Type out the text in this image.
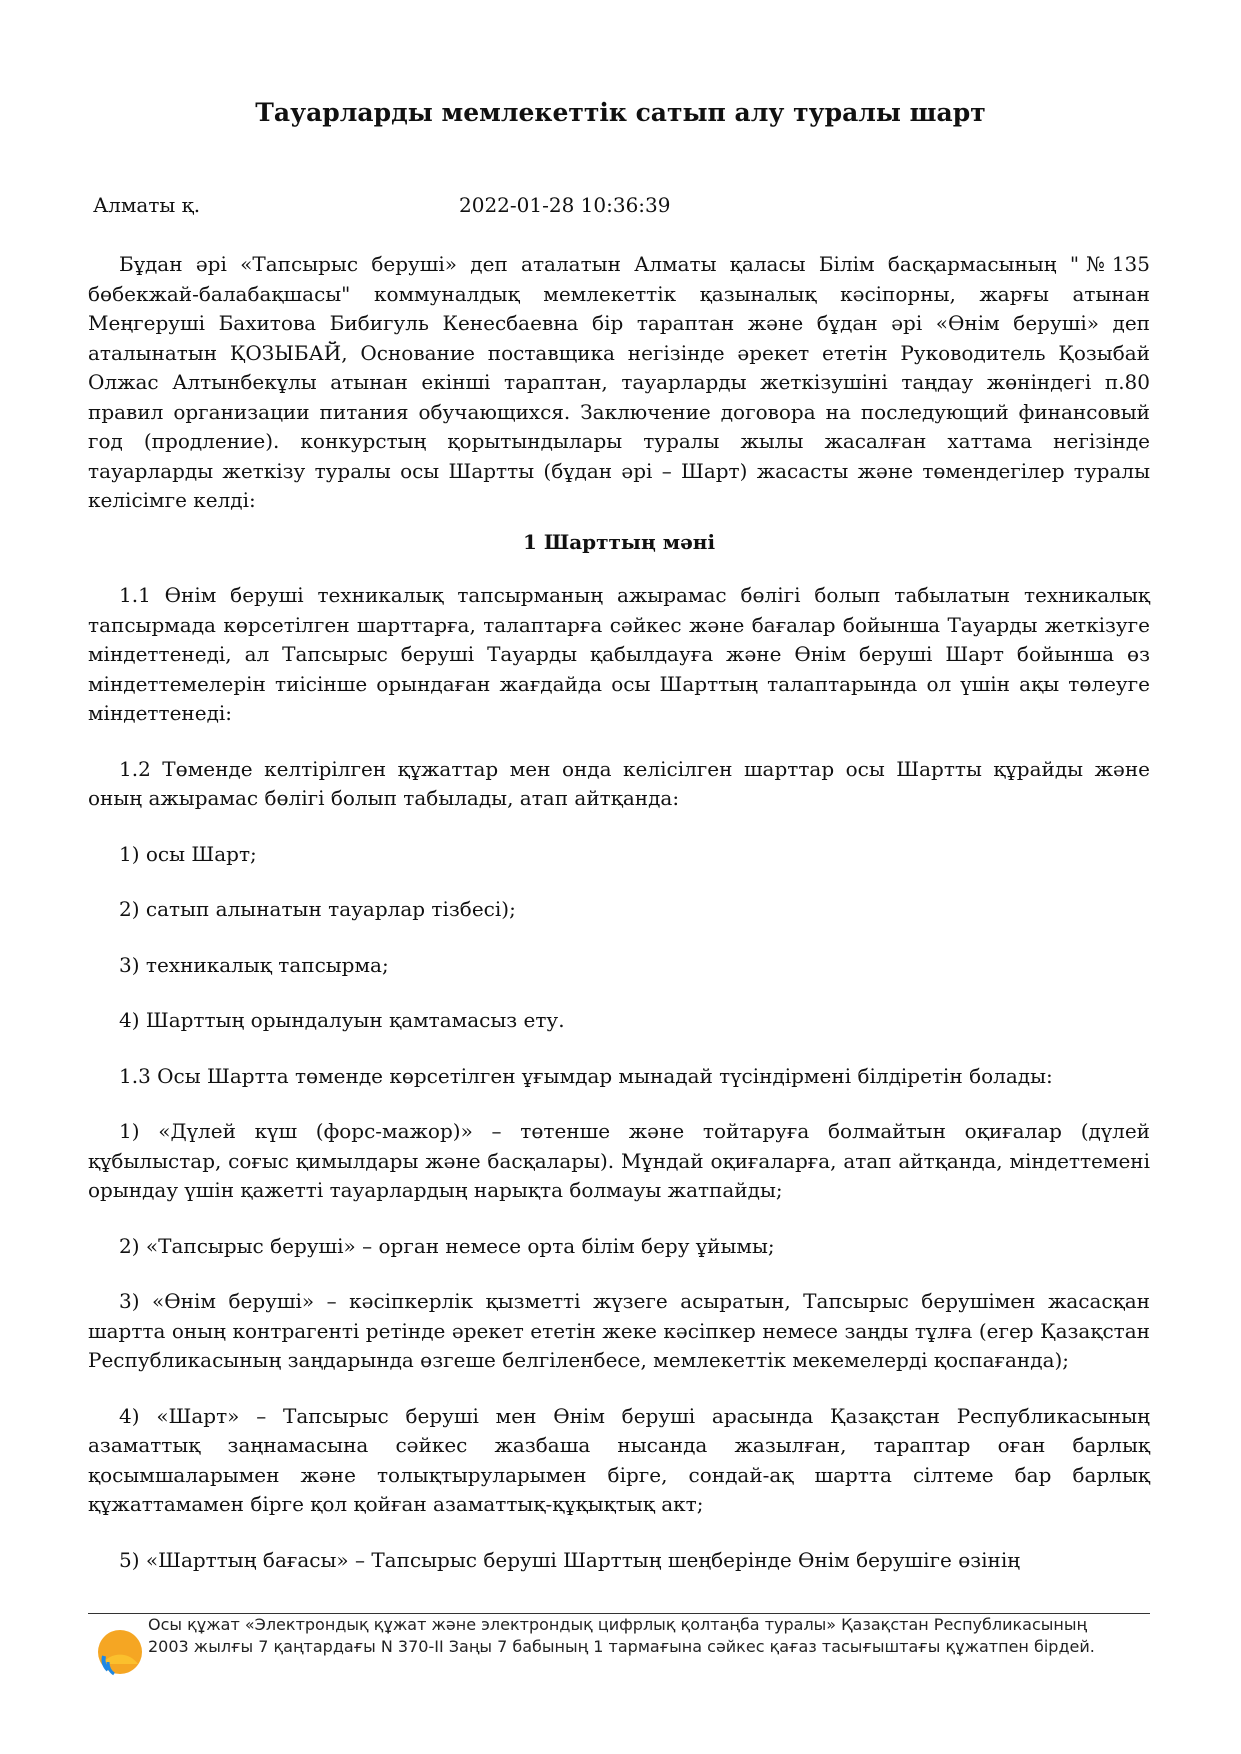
Тауарларды мемлекеттік сатып алу туралы шарт
Алматы қ.	2022-01-28 10:36:39

Бұдан әрі «Тапсырыс беруші» деп аталатын Алматы қаласы Білім басқармасының "№135 бөбекжай-балабақшасы" коммуналдық мемлекеттік қазыналық кәсіпорны, жарғы атынан Меңгеруші Бахитова Бибигуль Кенесбаевна бір тараптан және бұдан әрі «Өнім беруші» деп аталынатын ҚОЗЫБАЙ, Основание поставщика негізінде әрекет ететін Руководитель Қозыбай Олжас Алтынбекұлы атынан екінші тараптан, тауарларды жеткізушіні таңдау жөніндегі п.80 правил организации питания обучающихся. Заключение договора на последующий финансовый год (продление). конкурстың қорытындылары туралы жылы жасалған хаттама негізінде тауарларды жеткізу туралы осы Шартты (бұдан әрі – Шарт) жасасты және төмендегілер туралы келісімге келді:

1 Шарттың мәні

1.1 Өнім беруші техникалық тапсырманың ажырамас бөлігі болып табылатын техникалық тапсырмада көрсетілген шарттарға, талаптарға сәйкес және бағалар бойынша Тауарды жеткізуге міндеттенеді, ал Тапсырыс беруші Тауарды қабылдауға және Өнім беруші Шарт бойынша өз міндеттемелерін тиісінше орындаған жағдайда осы Шарттың талаптарында ол үшін ақы төлеуге міндеттенеді:

1.2 Төменде келтірілген құжаттар мен онда келісілген шарттар осы Шартты құрайды және оның ажырамас бөлігі болып табылады, атап айтқанда:

1) осы Шарт;

2) сатып алынатын тауарлар тізбесі);

3) техникалық тапсырма;

4) Шарттың орындалуын қамтамасыз ету.

1.3 Осы Шартта төменде көрсетілген ұғымдар мынадай түсіндірмені білдіретін болады:

1) «Дүлей күш (форс-мажор)» – төтенше және тойтаруға болмайтын оқиғалар (дүлей құбылыстар, соғыс қимылдары және басқалары). Мұндай оқиғаларға, атап айтқанда, міндеттемені орындау үшін қажетті тауарлардың нарықта болмауы жатпайды;

2) «Тапсырыс беруші» – орган немесе орта білім беру ұйымы;

3) «Өнім беруші» – кәсіпкерлік қызметті жүзеге асыратын, Тапсырыс берушімен жасасқан шартта оның контрагенті ретінде әрекет ететін жеке кәсіпкер немесе заңды тұлға (егер Қазақстан Республикасының заңдарында өзгеше белгіленбесе, мемлекеттік мекемелерді қоспағанда);

4) «Шарт» – Тапсырыс беруші мен Өнім беруші арасында Қазақстан Республикасының азаматтық заңнамасына сәйкес жазбаша нысанда жазылған, тараптар оған барлық қосымшаларымен және толықтыруларымен бірге, сондай-ақ шартта сілтеме бар барлық құжаттамамен бірге қол қойған азаматтық-құқықтық акт;

5) «Шарттың бағасы» – Тапсырыс беруші Шарттың шеңберінде Өнім берушіге өзінің

Осы құжат «Электрондық құжат және электрондық цифрлық қолтаңба туралы» Қазақстан Республикасының 2003 жылғы 7 қаңтардағы N 370-II Заңы 7 бабының 1 тармағына сәйкес қағаз тасығыштағы құжатпен бірдей.
